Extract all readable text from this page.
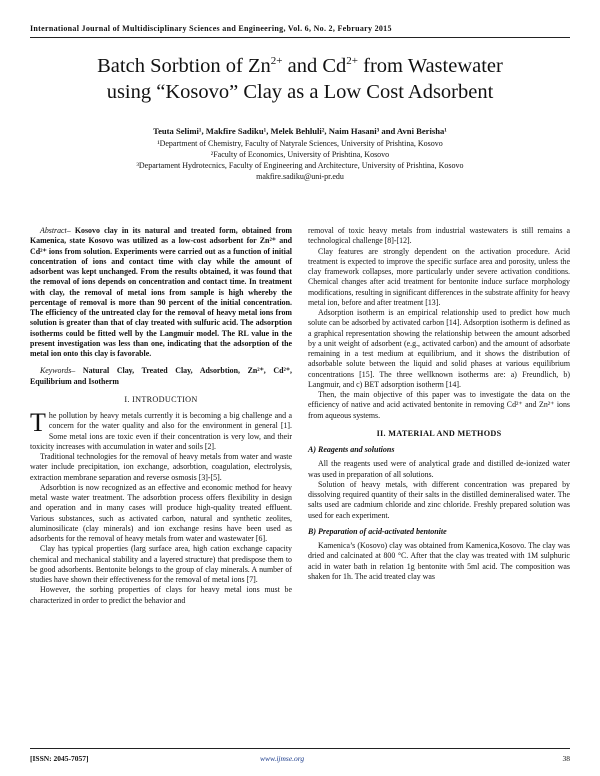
International Journal of Multidisciplinary Sciences and Engineering, Vol. 6, No. 2, February 2015
Batch Sorbtion of $Zn^{2+}$ and $Cd^{2+}$ from Wastewater
using “Kosovo” Clay as a Low Cost Adsorbent
Teuta Selimi¹, Makfire Sadiku¹, Melek Behluli², Naim Hasani³ and Avni Berisha¹
¹Department of Chemistry, Faculty of Natyrale Sciences, University of Prishtina, Kosovo
²Faculty of Economics, University of Prishtina, Kosovo
³Departament Hydrotecnics, Faculty of Engineering and Architecture, University of Prishtina, Kosovo
makfire.sadiku@uni-pr.edu

Abstract– Kosovo clay in its natural and treated form, obtained from Kamenica, state Kosovo was utilized as a low-cost adsorbent for Zn²⁺ and Cd²⁺ ions from solution. Experiments were carried out as a function of initial concentration of ions and contact time with clay while the amount of adsorbent was kept unchanged. From the results obtained, it was found that the removal of ions depends on concentration and contact time. In treatment with clay, the removal of metal ions from sample is high whereby the percentage of removal is more than 90 percent of the initial concentration. The efficiency of the untreated clay for the removal of heavy metal ions from solution is greater than that of clay treated with sulfuric acid. The adsorption isotherms could be fitted well by the Langmuir model. The RL value in the present investigation was less than one, indicating that the adsorption of the metal ion onto this clay is favorable.

Keywords– Natural Clay, Treated Clay, Adsorbtion, Zn²⁺, Cd²⁺, Equilibrium and Isotherm

I. INTRODUCTION

The pollution by heavy metals currently it is becoming a big challenge and a concern for the water quality and also for the environment in general [1]. Some metal ions are toxic even if their concentration is very low, and their toxicity increases with accumulation in water and soils [2].

Traditional technologies for the removal of heavy metals from water and waste water include precipitation, ion exchange, adsorbtion, coagulation, electrolysis, extraction membrane separation and reverse osmosis [3]-[5].

Adsorbtion is now recognized as an effective and economic method for heavy metal waste water treatment. The adsorbtion process offers flexibility in design and operation and in many cases will produce high-quality treated effluent. Various substances, such as activated carbon, natural and synthetic zeolites, aluminosilicate (clay minerals) and ion exchange resins have been used as adsorbents for the removal of heavy metals from water and wastewater [6].

Clay has typical properties (larg surface area, high cation exchange capacity chemical and mechanical stability and a layered structure) that predispose them to be good adsorbents. Bentonite belongs to the group of clay minerals. A number of studies have shown their effectiveness for the removal of metal ions [7].

However, the sorbing properties of clays for heavy metal ions must be characterized in order to predict the behavior and

removal of toxic heavy metals from industrial wastewaters is still remains a technological challenge [8]-[12].

Clay features are strongly dependent on the activation procedure. Acid treatment is expected to improve the specific surface area and porosity, unless the clay framework collapses, more particularly under severe activation conditions. Chemical changes after acid treatment for bentonite induce surface morphology modifications, resulting in significant differences in the substrate affinity for heavy metal ion, before and after treatment [13].

Adsorption isotherm is an empirical relationship used to predict how much solute can be adsorbed by activated carbon [14]. Adsorption isotherm is defined as a graphical representation showing the relationship between the amount adsorbed by a unit weight of adsorbent (e.g., activated carbon) and the amount of adsorbate remaining in a test medium at equilibrium, and it shows the distribution of adsorbable solute between the liquid and solid phases at various equilibrium concentrations [15]. The three wellknown isotherms are: a) Freundlich, b) Langmuir, and c) BET adsorption isotherm [14].

Then, the main objective of this paper was to investigate the data on the efficiency of native and acid activated bentonite in removing Cd²⁺ and Zn²⁺ ions from aqueous systems.

II. MATERIAL AND METHODS
A) Reagents and solutions

All the reagents used were of analytical grade and distilled de-ionized water was used in preparation of all solutions.

Solution of heavy metals, with different concentration was prepared by dissolving required quantity of their salts in the distilled demineralised water. The salts used are cadmium chloride and zinc chloride. Freshly prepared solution was used for each experiment.

B) Preparation of acid-activated bentonite

Kamenica’s (Kosovo) clay was obtained from Kamenica,Kosovo. The clay was dried and calcinated at 800 °C. After that the clay was treated with 1M sulphuric acid in water bath in relation 1g bentonite with 5ml acid. The composition was shaken for 1h. The acid treated clay was

[ISSN: 2045-7057]	www.ijmse.org	38
